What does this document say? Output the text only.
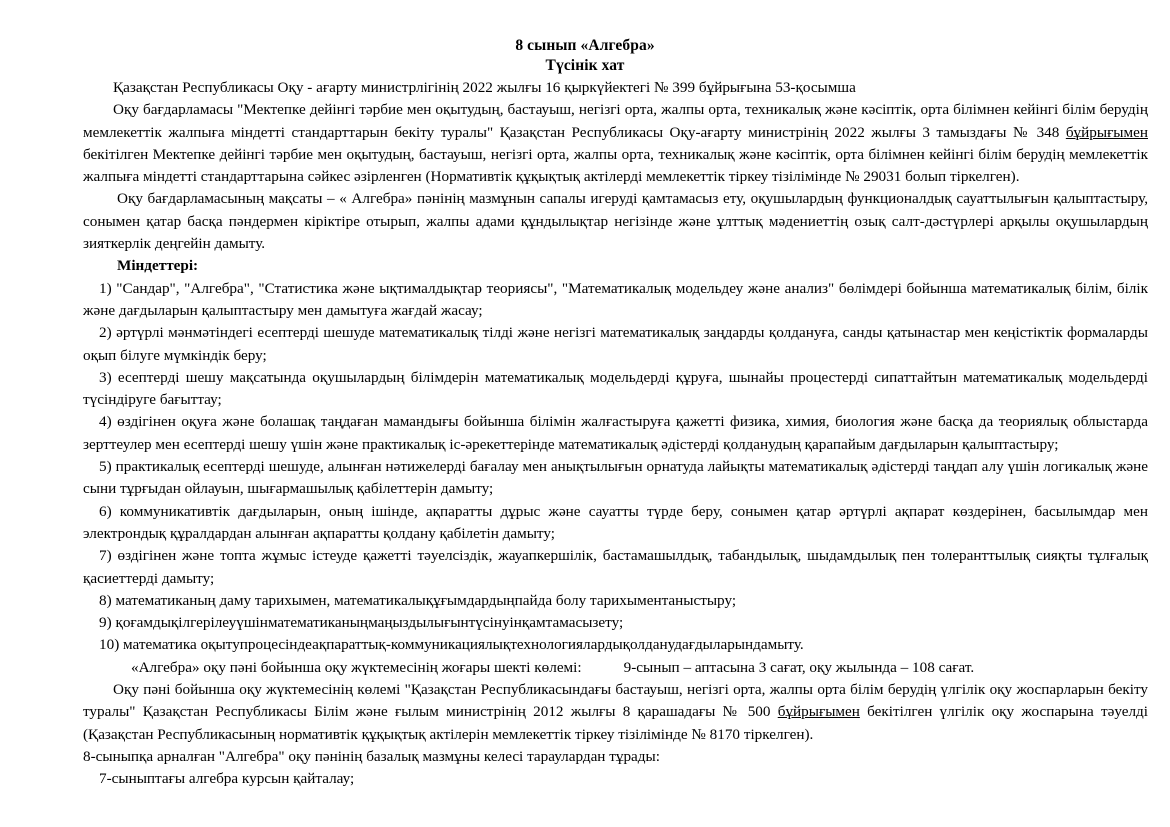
8 сынып «Алгебра»
Түсінік хат

Қазақстан Республикасы Оқу - ағарту министрлігінің 2022 жылғы 16 қыркүйектегі № 399 бұйрығына 53-қосымша

Оқу бағдарламасы "Мектепке дейінгі тәрбие мен оқытудың, бастауыш, негізгі орта, жалпы орта, техникалық және кәсіптік, орта білімнен кейінгі білім берудің мемлекеттік жалпыға міндетті стандарттарын бекіту туралы" Қазақстан Республикасы Оқу-ағарту министрінің 2022 жылғы 3 тамыздағы № 348 бұйрығымен бекітілген Мектепке дейінгі тәрбие мен оқытудың, бастауыш, негізгі орта, жалпы орта, техникалық және кәсіптік, орта білімнен кейінгі білім берудің мемлекеттік жалпыға міндетті стандарттарына сәйкес әзірленген (Нормативтік құқықтық актілерді мемлекеттік тіркеу тізілімінде № 29031 болып тіркелген).

Оқу бағдарламасының мақсаты – « Алгебра» пәнінің мазмұнын сапалы игеруді қамтамасыз ету, оқушылардың функционалдық сауаттылығын қалыптастыру, сонымен қатар басқа пәндермен кіріктіре отырып, жалпы адами құндылықтар негізінде және ұлттық мәдениеттің озық салт-дәстүрлері арқылы оқушылардың зияткерлік деңгейін дамыту.

Міндеттері:

1) "Сандар", "Алгебра", "Статистика және ықтималдықтар теориясы", "Математикалық модельдеу және анализ" бөлімдері бойынша математикалық білім, білік және дағдыларын қалыптастыру мен дамытуға жағдай жасау;

2) әртүрлі мәнмәтіндегі есептерді шешуде математикалық тілді және негізгі математикалық заңдарды қолдануға, санды қатынастар мен кеңістіктік формаларды оқып білуге мүмкіндік беру;

3) есептерді шешу мақсатында оқушылардың білімдерін математикалық модельдерді құруға, шынайы процестерді сипаттайтын математикалық модельдерді түсіндіруге бағыттау;

4) өздігінен оқуға және болашақ таңдаған мамандығы бойынша білімін жалғастыруға қажетті физика, химия, биология және басқа да теориялық облыстарда зерттеулер мен есептерді шешу үшін және практикалық іс-әрекеттерінде математикалық әдістерді қолданудың қарапайым дағдыларын қалыптастыру;

5) практикалық есептерді шешуде, алынған нәтижелерді бағалау мен анықтылығын орнатуда лайықты математикалық әдістерді таңдап алу үшін логикалық және сыни тұрғыдан ойлауын, шығармашылық қабілеттерін дамыту;

6) коммуникативтік дағдыларын, оның ішінде, ақпаратты дұрыс және сауатты түрде беру, сонымен қатар әртүрлі ақпарат көздерінен, басылымдар мен электрондық құралдардан алынған ақпаратты қолдану қабілетін дамыту;

7) өздігінен және топта жұмыс істеуде қажетті тәуелсіздік, жауапкершілік, бастамашылдық, табандылық, шыдамдылық пен толеранттылық сияқты тұлғалық қасиеттерді дамыту;

8) математиканың даму тарихымен, математикалықұғымдардыңпайда болу тарихыментаныстыру;

9) қоғамдықілгерілеуүшінматематиканыңмаңыздылығынтүсінуінқамтамасызету;

10) математика оқытупроцесіндеақпараттық-коммуникациялықтехнологиялардықолданудағдыларындамыту.

«Алгебра» оқу пәні бойынша оқу жүктемесінің жоғары шекті көлемі:	9-сынып – аптасына 3 сағат, оқу жылында – 108 сағат.

Оқу пәні бойынша оқу жүктемесінің көлемі "Қазақстан Республикасындағы бастауыш, негізгі орта, жалпы орта білім берудің үлгілік оқу жоспарларын бекіту туралы" Қазақстан Республикасы Білім және ғылым министрінің 2012 жылғы 8 қарашадағы № 500 бұйрығымен бекітілген үлгілік оқу жоспарына тәуелді (Қазақстан Республикасының нормативтік құқықтық актілерін мемлекеттік тіркеу тізілімінде № 8170 тіркелген).

8-сыныпқа арналған "Алгебра" оқу пәнінің базалық мазмұны келесі тараулардан тұрады:

7-сыныптағы алгебра курсын қайталау;
